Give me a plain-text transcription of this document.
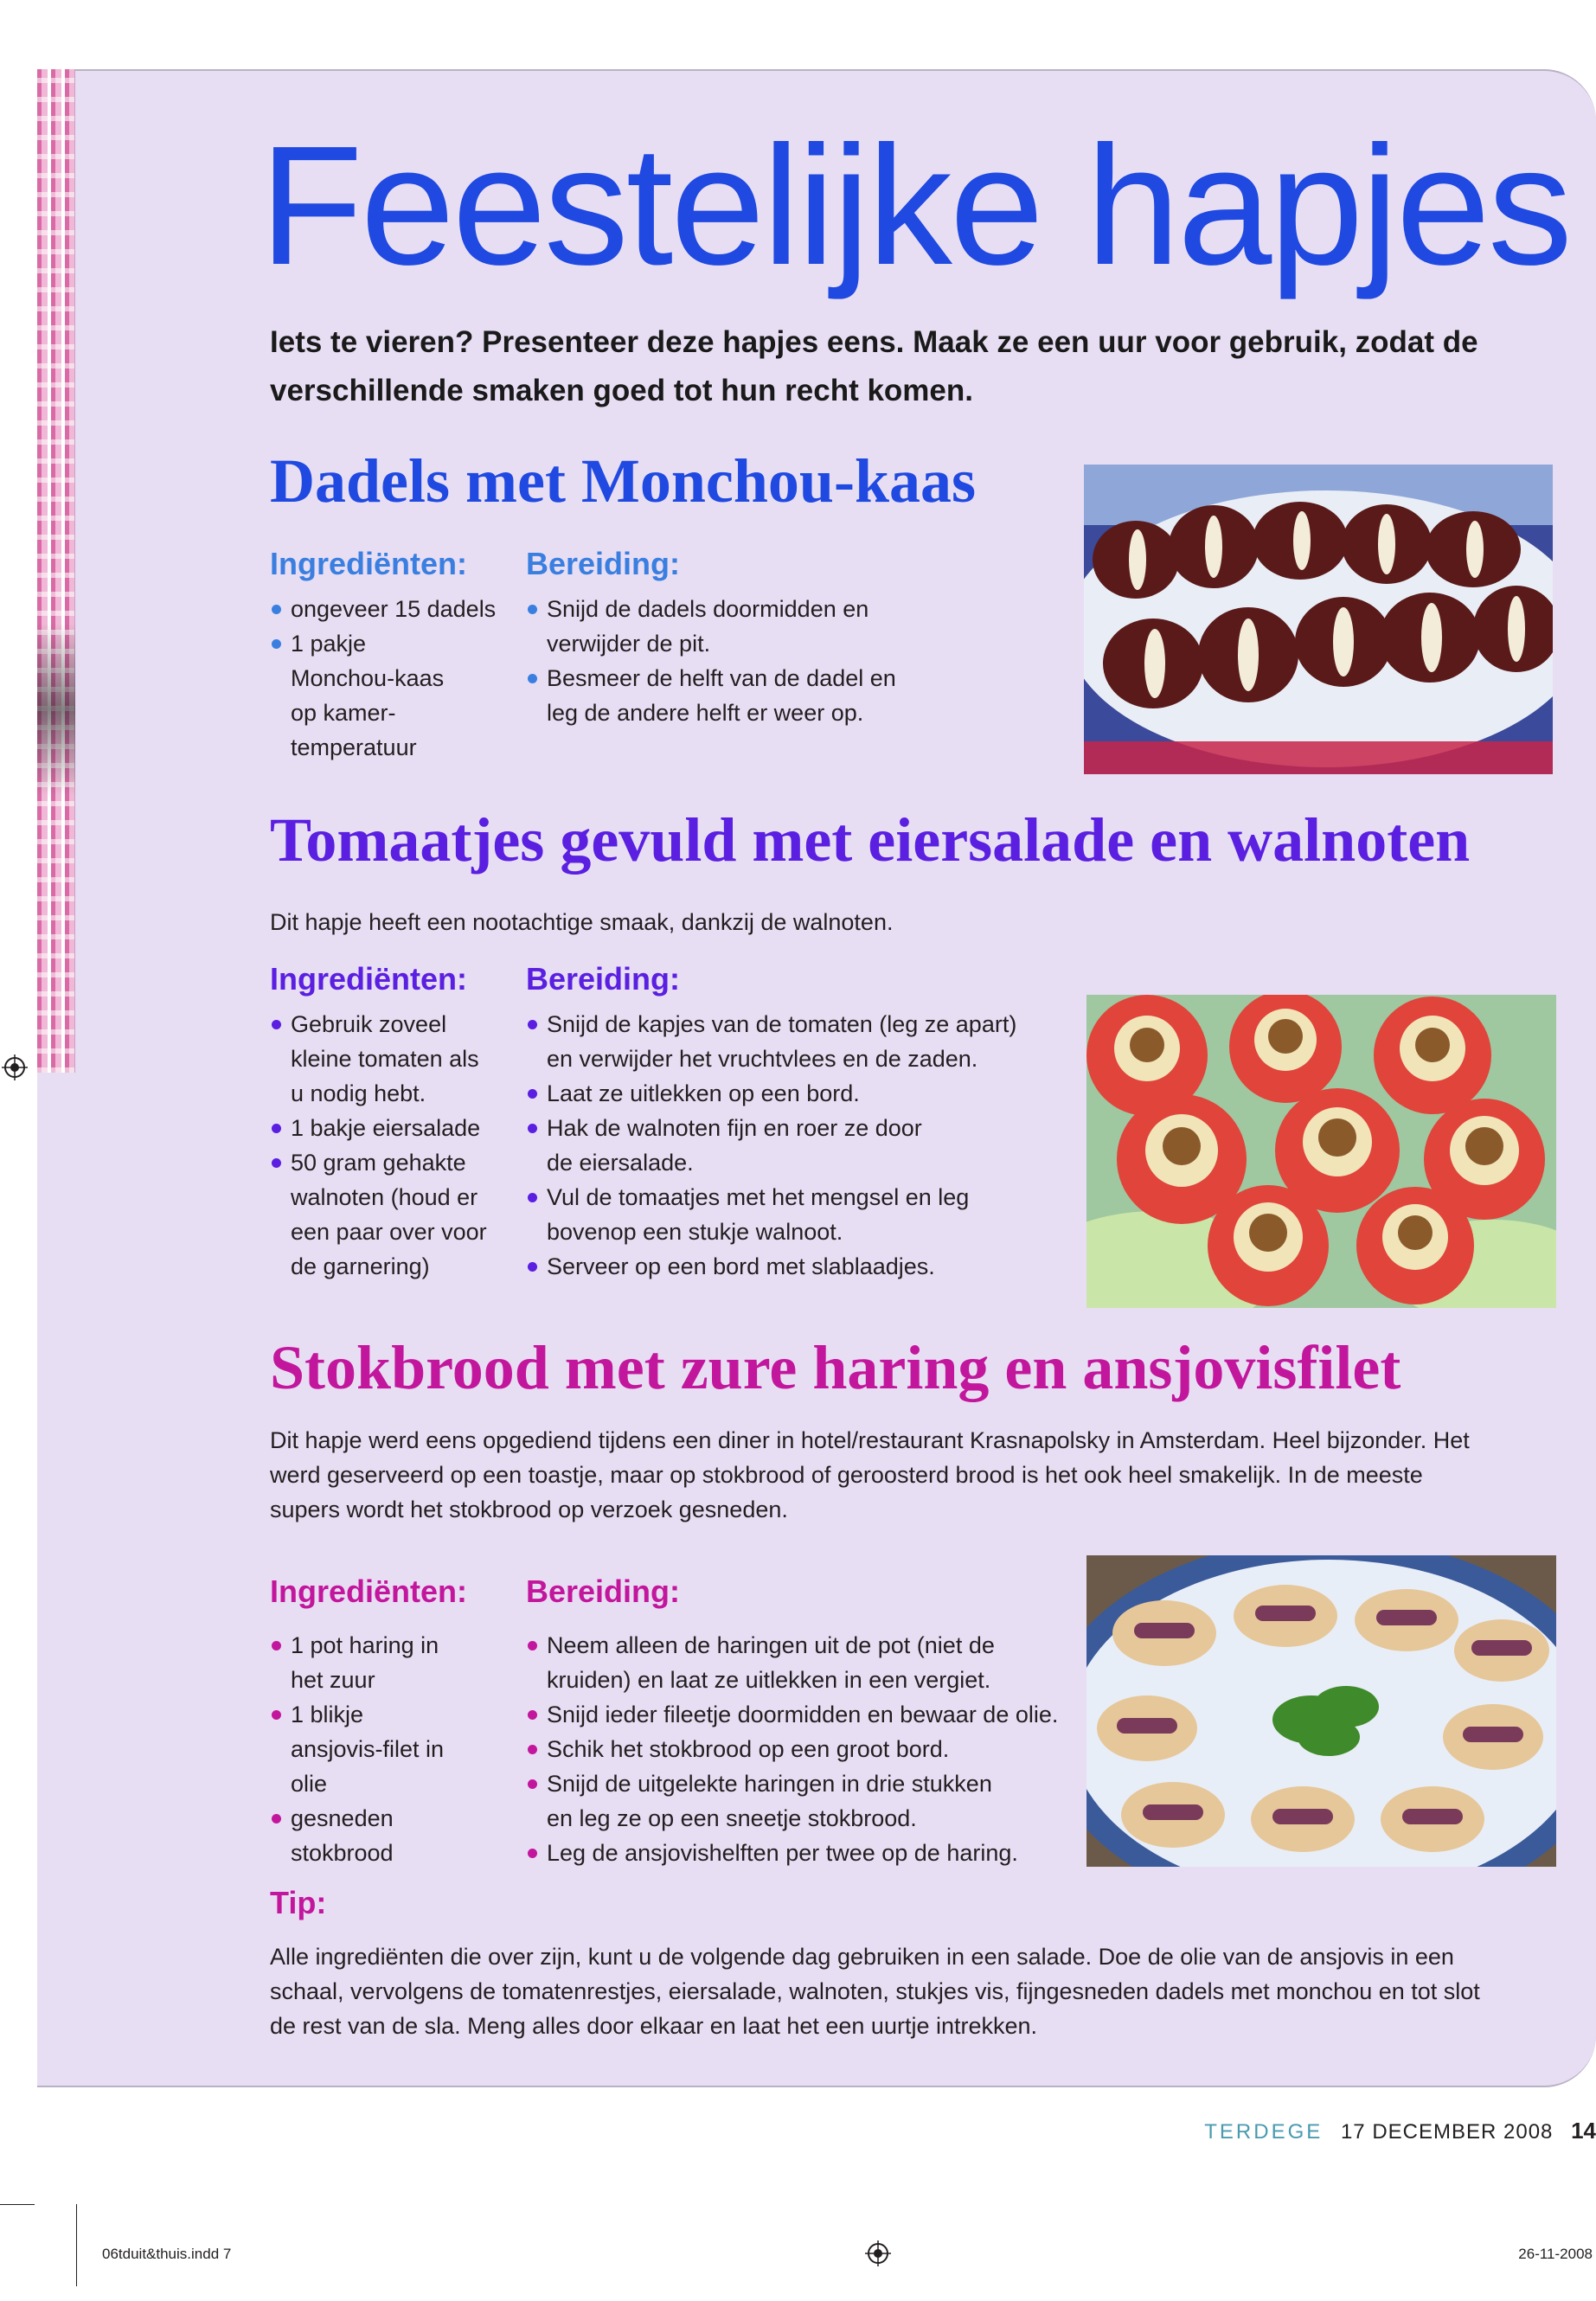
Feestelijke hapjes

Iets te vieren? Presenteer deze hapjes eens. Maak ze een uur voor gebruik, zodat de verschillende smaken goed tot hun recht komen.

Dadels met Monchou-kaas
Ingrediënten: Bereiding:
ongeveer 15 dadels
1 pakje Monchou-kaas op kamer-temperatuur
Snijd de dadels doormidden en verwijder de pit.
Besmeer de helft van de dadel en leg de andere helft er weer op.
Tomaatjes gevuld met eiersalade en walnoten

Dit hapje heeft een nootachtige smaak, dankzij de walnoten.

Ingrediënten: Bereiding:
Gebruik zoveel kleine tomaten als u nodig hebt.
1 bakje eiersalade
50 gram gehakte walnoten (houd er een paar over voor de garnering)
Snijd de kapjes van de tomaten (leg ze apart) en verwijder het vruchtvlees en de zaden.
Laat ze uitlekken op een bord.
Hak de walnoten fijn en roer ze door de eiersalade.
Vul de tomaatjes met het mengsel en leg bovenop een stukje walnoot.
Serveer op een bord met slablaadjes.
Stokbrood met zure haring en ansjovisfilet

Dit hapje werd eens opgediend tijdens een diner in hotel/restaurant Krasnapolsky in Amsterdam. Heel bijzonder. Het werd geserveerd op een toastje, maar op stokbrood of geroosterd brood is het ook heel smakelijk. In de meeste supers wordt het stokbrood op verzoek gesneden.

Ingrediënten: Bereiding:
1 pot haring in het zuur
1 blikje ansjovis-filet in olie
gesneden stokbrood
Neem alleen de haringen uit de pot (niet de kruiden) en laat ze uitlekken in een vergiet.
Snijd ieder fileetje doormidden en bewaar de olie.
Schik het stokbrood op een groot bord.
Snijd de uitgelekte haringen in drie stukken en leg ze op een sneetje stokbrood.
Leg de ansjovishelften per twee op de haring.
Tip:

Alle ingrediënten die over zijn, kunt u de volgende dag gebruiken in een salade. Doe de olie van de ansjovis in een schaal, vervolgens de tomatenrestjes, eiersalade, walnoten, stukjes vis, fijngesneden dadels met monchou en tot slot de rest van de sla. Meng alles door elkaar en laat het een uurtje intrekken.

TERDEGE 17 DECEMBER 2008 14
06tduit&thuis.indd 7	26-11-2008
